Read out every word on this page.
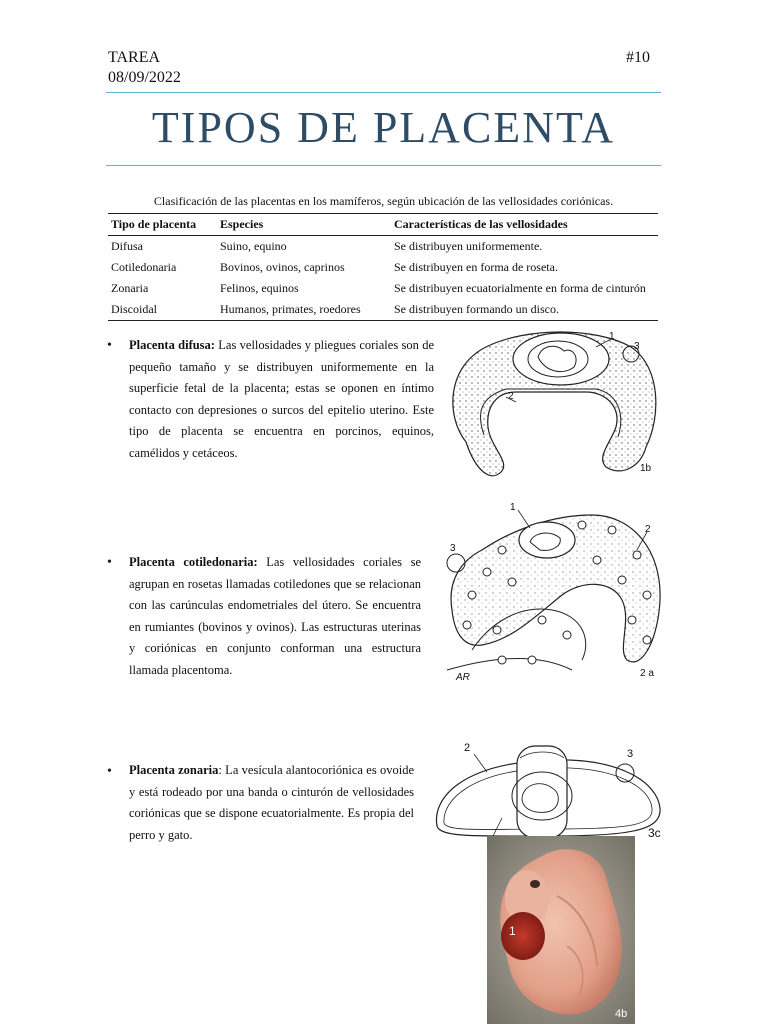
TAREA
08/09/2022
#10
TIPOS DE PLACENTA
Clasificación de las placentas en los mamíferos, según ubicación de las vellosidades coriónicas.
Tipo de placenta	Especies	Características de las vellosidades
Difusa	Suino, equino	Se distribuyen uniformemente.
Cotiledonaria	Bovinos, ovinos, caprinos	Se distribuyen en forma de roseta.
Zonaria	Felinos, equinos	Se distribuyen ecuatorialmente en forma de cinturón
Discoidal	Humanos, primates, roedores	Se distribuyen formando un disco.
• Placenta difusa: Las vellosidades y pliegues coriales son de pequeño tamaño y se distribuyen uniformemente en la superficie fetal de la placenta; estas se oponen en íntimo contacto con depresiones o surcos del epitelio uterino. Este tipo de placenta se encuentra en porcinos, equinos, camélidos y cetáceos.
1
2
3
1b
• Placenta cotiledonaria: Las vellosidades coriales se agrupan en rosetas llamadas cotiledones que se relacionan con las carúnculas endometriales del útero. Se encuentra en rumiantes (bovinos y ovinos). Las estructuras uterinas y coriónicas en conjunto conforman una estructura llamada placentoma.
1
2
3
AR	2 a
• Placenta zonaria: La vesícula alantocoriónica es ovoide y está rodeado por una banda o cinturón de vellosidades coriónicas que se dispone ecuatorialmente. Es propia del perro y gato.
2	3
3c
1
4b
